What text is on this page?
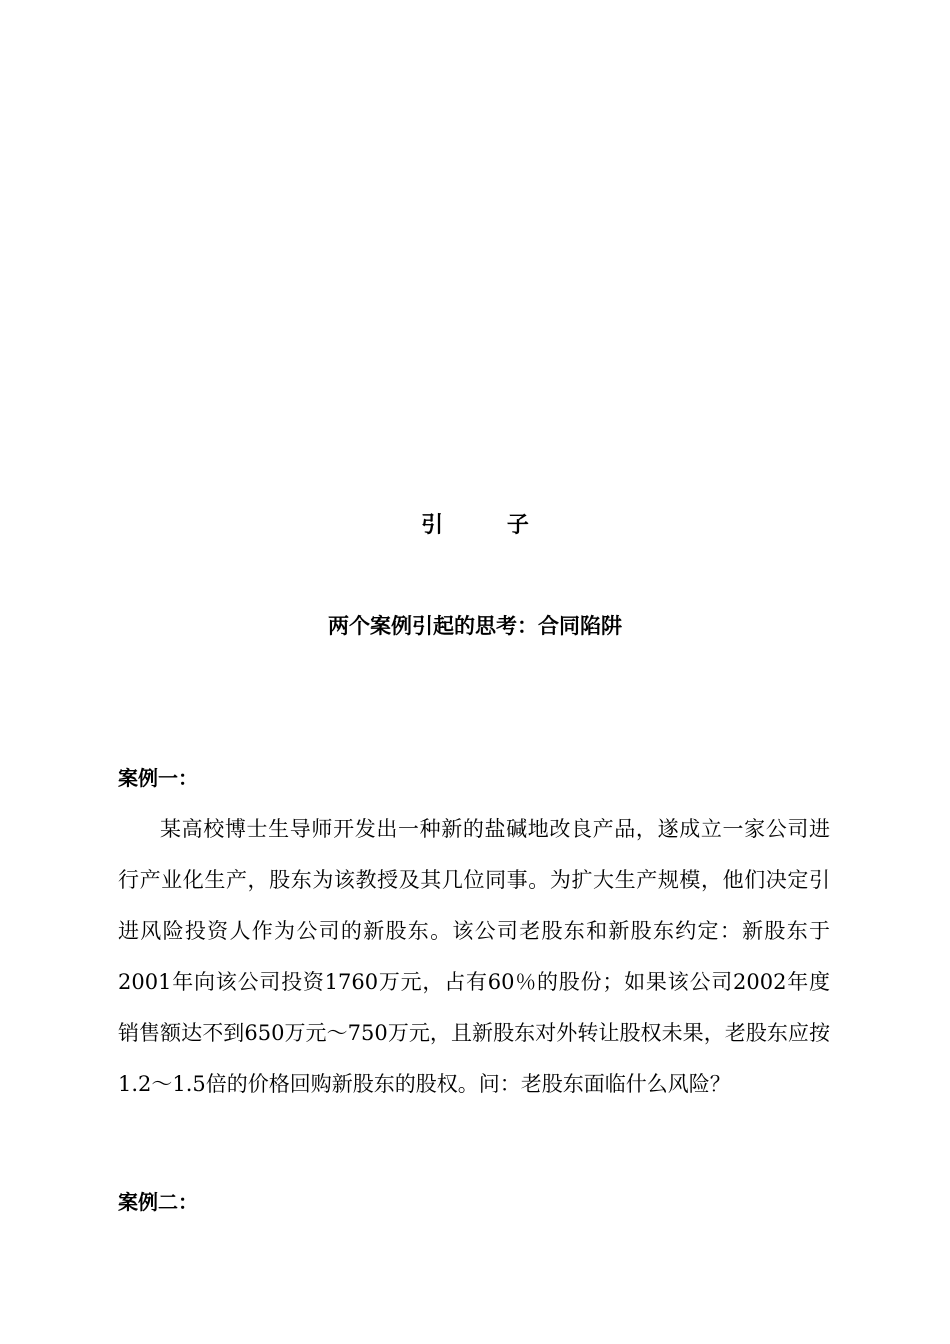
引 子
两个案例引起的思考：合同陷阱
案例一：

某高校博士生导师开发出一种新的盐碱地改良产品，遂成立一家公司进行产业化生产，股东为该教授及其几位同事。为扩大生产规模，他们决定引进风险投资人作为公司的新股东。该公司老股东和新股东约定：新股东于2001年向该公司投资1760万元，占有60％的股份；如果该公司2002年度销售额达不到650万元～750万元，且新股东对外转让股权未果，老股东应按1.2～1.5倍的价格回购新股东的股权。问：老股东面临什么风险？

案例二：
